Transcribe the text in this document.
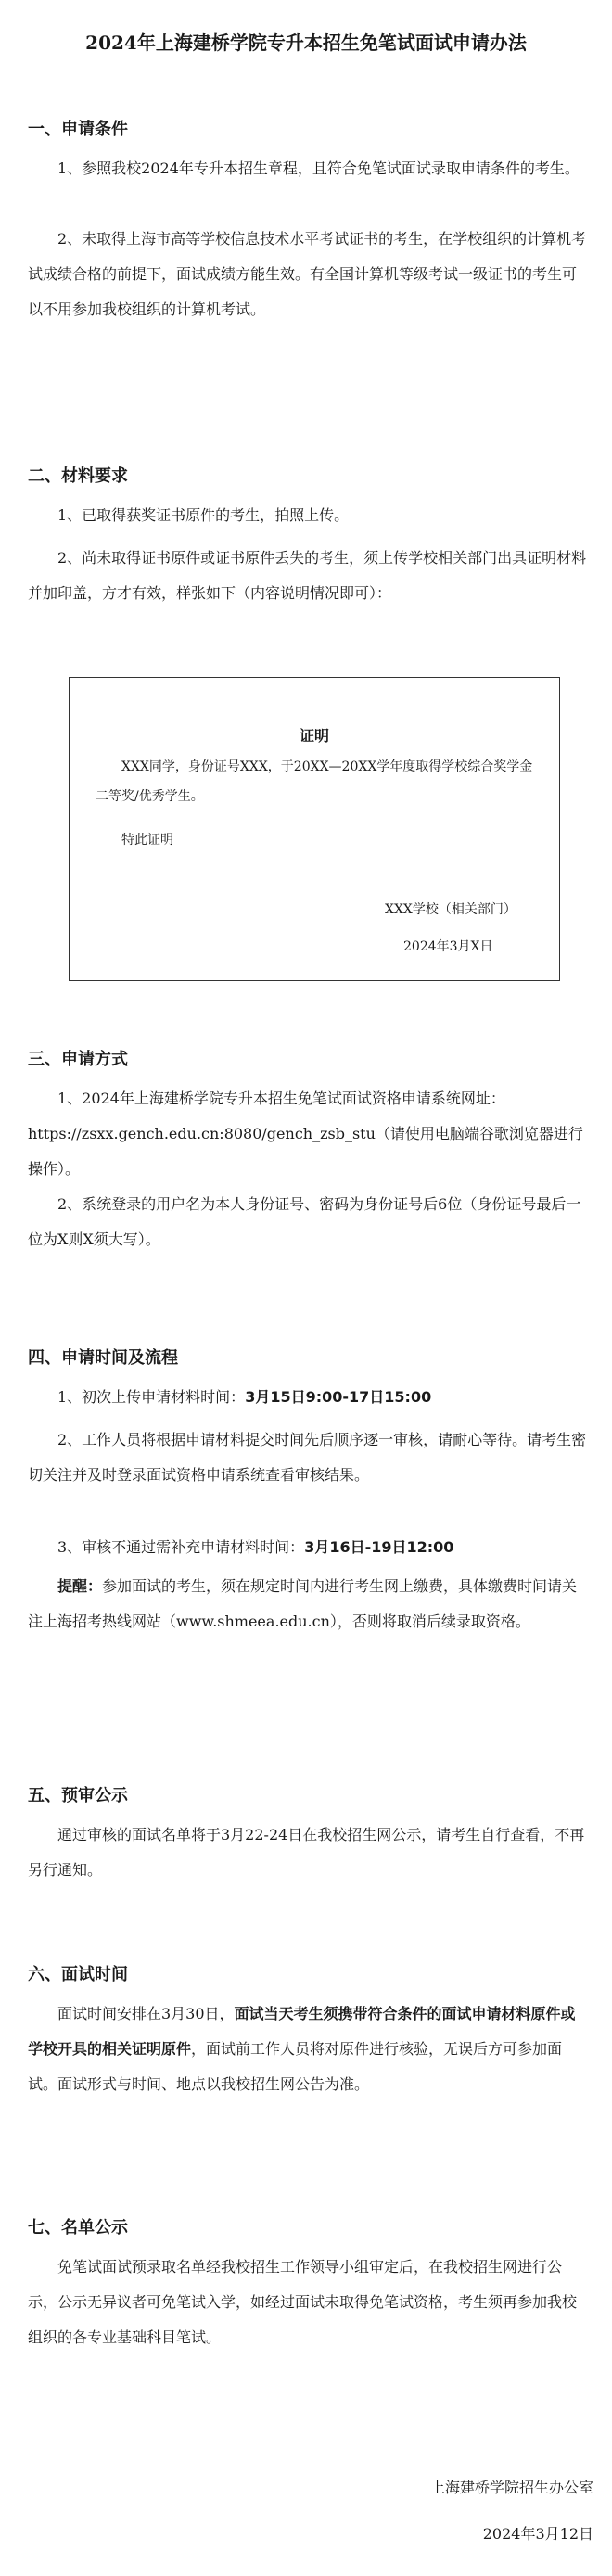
2024年上海建桥学院专升本招生免笔试面试申请办法
一、申请条件

1、参照我校2024年专升本招生章程，且符合免笔试面试录取申请条件的考生。

2、未取得上海市高等学校信息技术水平考试证书的考生，在学校组织的计算机考试成绩合格的前提下，面试成绩方能生效。有全国计算机等级考试一级证书的考生可以不用参加我校组织的计算机考试。

二、材料要求

1、已取得获奖证书原件的考生，拍照上传。

2、尚未取得证书原件或证书原件丢失的考生，须上传学校相关部门出具证明材料并加印盖，方才有效，样张如下（内容说明情况即可）：

证明

XXX同学，身份证号XXX，于20XX—20XX学年度取得学校综合奖学金二等奖/优秀学生。

特此证明
XXX学校（相关部门）
2024年3月X日
三、申请方式

1、2024年上海建桥学院专升本招生免笔试面试资格申请系统网址：https://zsxx.gench.edu.cn:8080/gench_zsb_stu（请使用电脑端谷歌浏览器进行操作）。

2、系统登录的用户名为本人身份证号、密码为身份证号后6位（身份证号最后一位为X则X须大写）。

四、申请时间及流程

1、初次上传申请材料时间：3月15日9:00-17日15:00

2、工作人员将根据申请材料提交时间先后顺序逐一审核，请耐心等待。请考生密切关注并及时登录面试资格申请系统查看审核结果。

3、审核不通过需补充申请材料时间：3月16日-19日12:00

提醒：参加面试的考生，须在规定时间内进行考生网上缴费，具体缴费时间请关注上海招考热线网站（www.shmeea.edu.cn），否则将取消后续录取资格。

五、预审公示

通过审核的面试名单将于3月22-24日在我校招生网公示，请考生自行查看，不再另行通知。

六、面试时间

面试时间安排在3月30日，面试当天考生须携带符合条件的面试申请材料原件或学校开具的相关证明原件，面试前工作人员将对原件进行核验，无误后方可参加面试。面试形式与时间、地点以我校招生网公告为准。

七、名单公示

免笔试面试预录取名单经我校招生工作领导小组审定后，在我校招生网进行公示，公示无异议者可免笔试入学，如经过面试未取得免笔试资格，考生须再参加我校组织的各专业基础科目笔试。

上海建桥学院招生办公室
2024年3月12日
